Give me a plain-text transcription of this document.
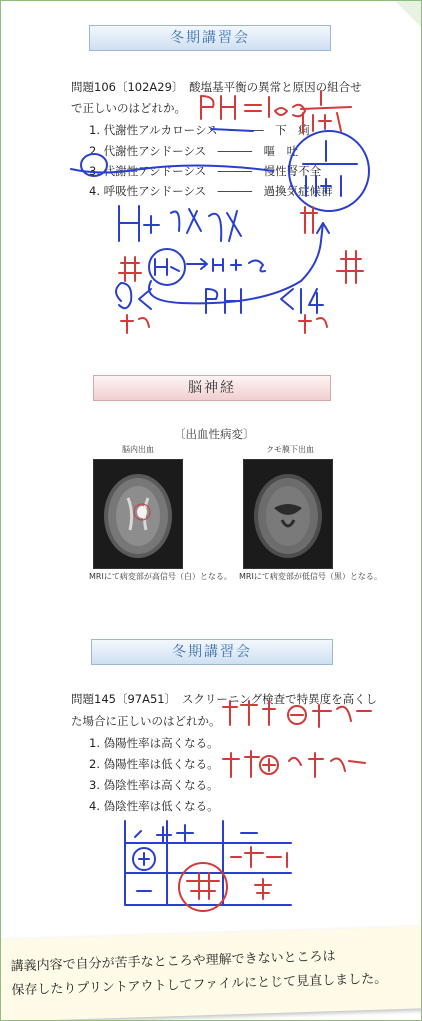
冬期講習会
問題106〔102A29〕　酸塩基平衡の異常と原因の組合せ
で正しいのはどれか。
1. 代謝性アルカローシス　―――　下　痢
2. 代謝性アシドーシス　―――　嘔　吐
3. 代謝性アシドーシス　―――　慢性腎不全
4. 呼吸性アシドーシス　―――　過換気症候群
脳神経
〔出血性病変〕
脳内出血
MRIにて病変部が高信号（白）となる。
クモ膜下出血
MRIにて病変部が低信号（黒）となる。
冬期講習会
問題145〔97A51〕　スクリーニング検査で特異度を高くし
た場合に正しいのはどれか。
1. 偽陽性率は高くなる。
2. 偽陽性率は低くなる。
3. 偽陰性率は高くなる。
4. 偽陰性率は低くなる。
講義内容で自分が苦手なところや理解できないところは
保存したりプリントアウトしてファイルにとじて見直しました。
